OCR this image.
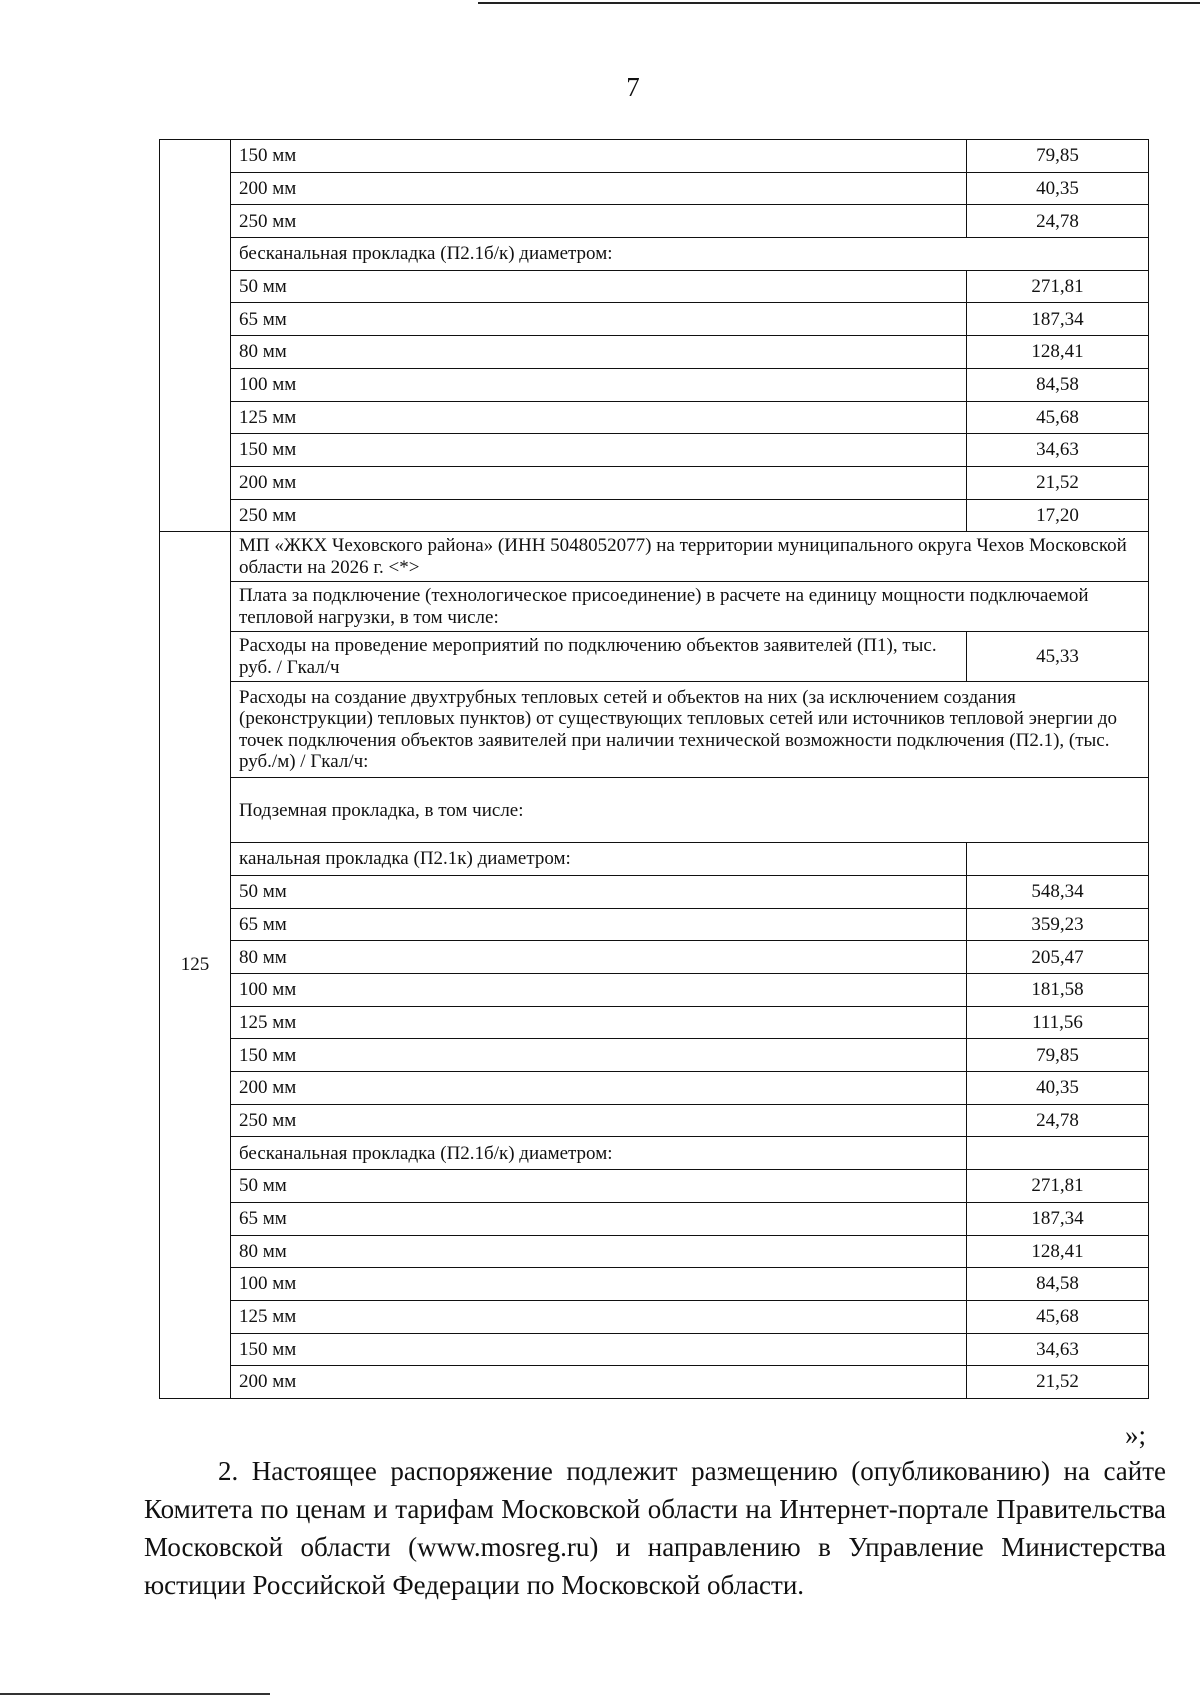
7
	150 мм	79,85
	200 мм	40,35
	250 мм	24,78
	бесканальная прокладка (П2.1б/к) диаметром:	
	50 мм	271,81
	65 мм	187,34
	80 мм	128,41
	100 мм	84,58
	125 мм	45,68
	150 мм	34,63
	200 мм	21,52
	250 мм	17,20
125	МП «ЖКХ Чеховского района» (ИНН 5048052077) на территории муниципального округа Чехов Московской области на 2026 г. <*>	
	Плата за подключение (технологическое присоединение) в расчете на единицу мощности подключаемой тепловой нагрузки, в том числе:	
	Расходы на проведение мероприятий по подключению объектов заявителей (П1), тыс. руб. / Гкал/ч	45,33
	Расходы на создание двухтрубных тепловых сетей и объектов на них (за исключением создания (реконструкции) тепловых пунктов) от существующих тепловых сетей или источников тепловой энергии до точек подключения объектов заявителей при наличии технической возможности подключения (П2.1), (тыс. руб./м) / Гкал/ч:	
	Подземная прокладка, в том числе:	
	канальная прокладка (П2.1к) диаметром:	
	50 мм	548,34
	65 мм	359,23
	80 мм	205,47
	100 мм	181,58
	125 мм	111,56
	150 мм	79,85
	200 мм	40,35
	250 мм	24,78
	бесканальная прокладка (П2.1б/к) диаметром:	
	50 мм	271,81
	65 мм	187,34
	80 мм	128,41
	100 мм	84,58
	125 мм	45,68
	150 мм	34,63
	200 мм	21,52
»;

2. Настоящее распоряжение подлежит размещению (опубликованию) на сайте Комитета по ценам и тарифам Московской области на Интернет-портале Правительства Московской области (www.mosreg.ru) и направлению в Управление Министерства юстиции Российской Федерации по Московской области.
